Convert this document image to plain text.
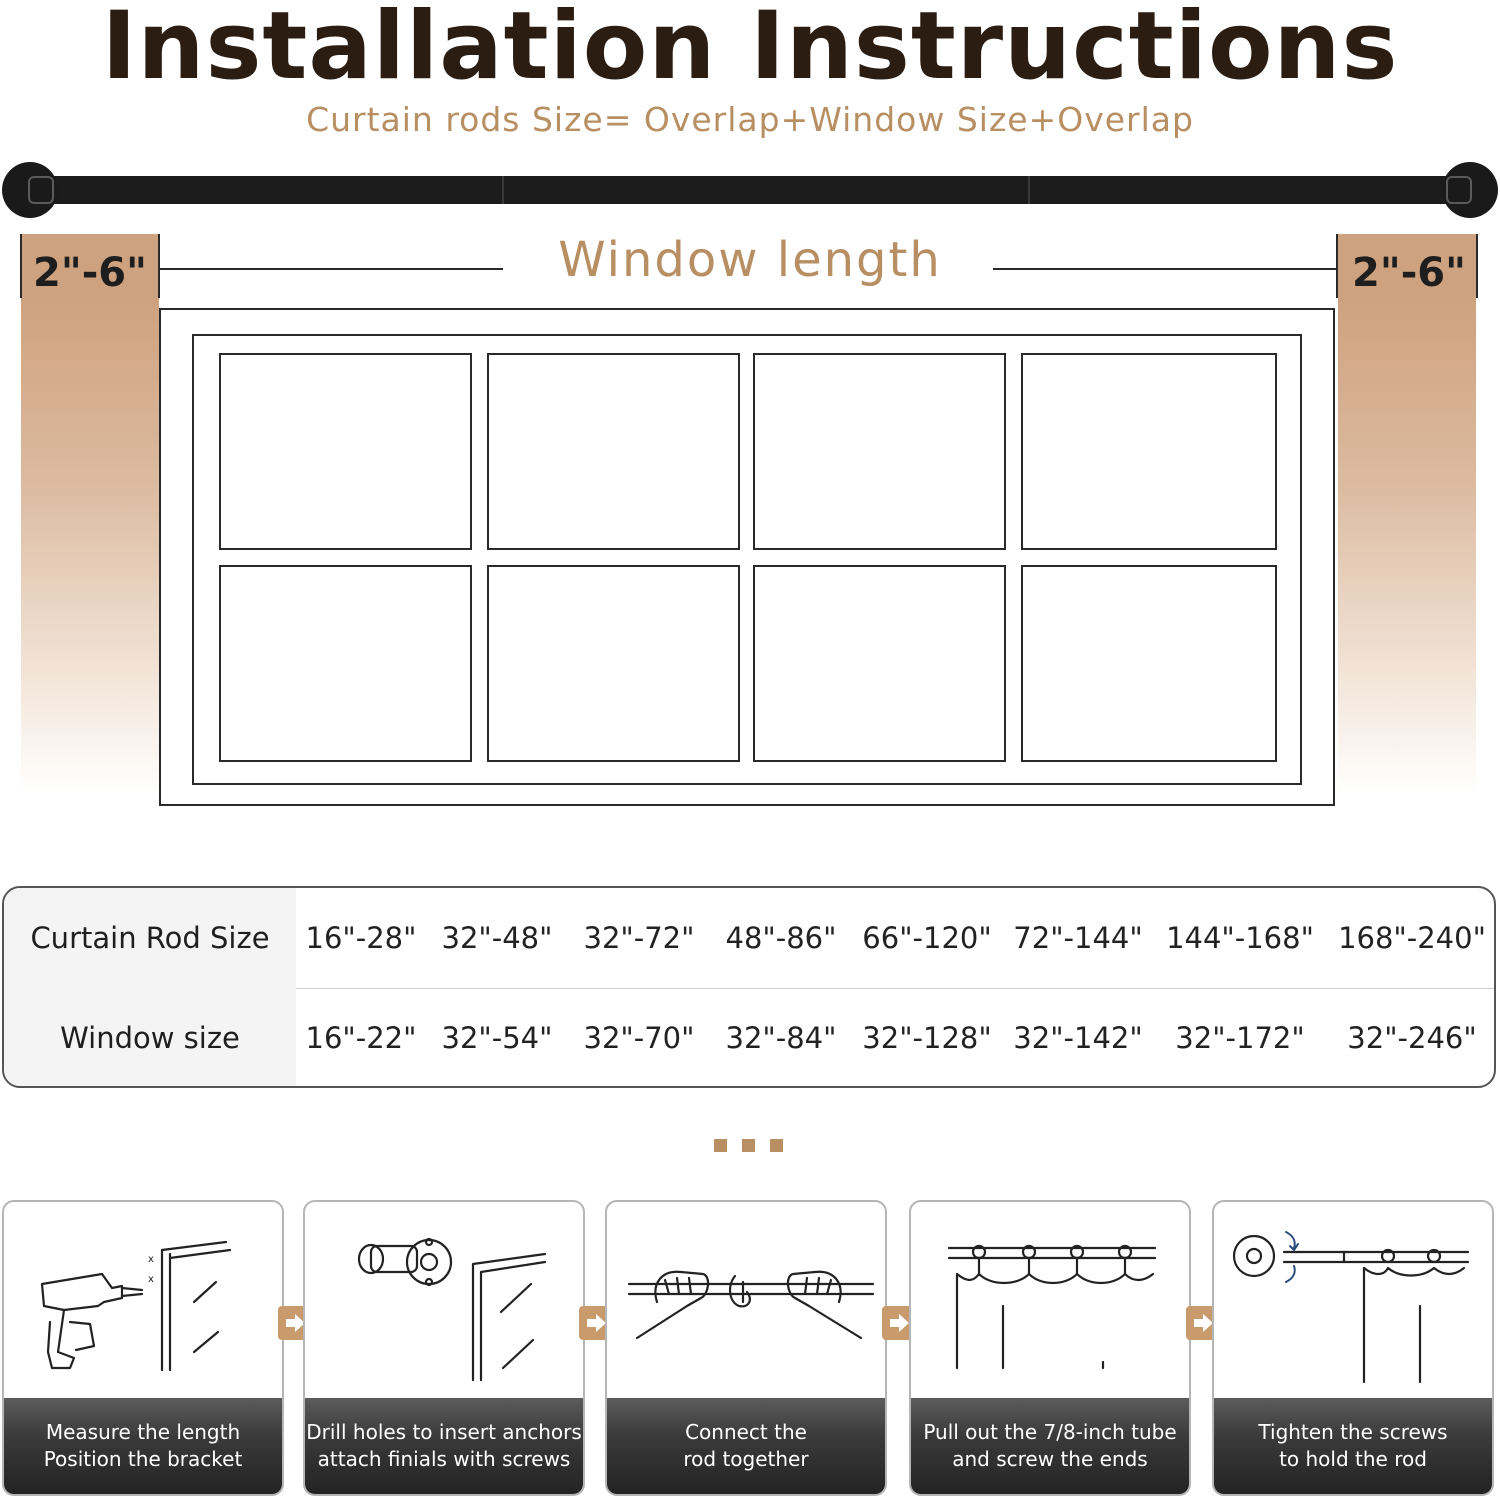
Installation Instructions
Curtain rods Size= Overlap+Window Size+Overlap
2"-6"	2"-6"
Window length
Curtain Rod Size	16"-28" 32"-48"	32"-72"	48"-86" 66"-120" 72"-144" 144"-168" 168"-240"
Window size	16"-22" 32"-54"	32"-70"	32"-84" 32"-128" 32"-142"	32"-172"	32"-246"
x
x
Measure the length
Position the bracket
Drill holes to insert anchors
attach finials with screws
Connect the
rod together
Pull out the 7/8-inch tube
and screw the ends
Tighten the screws
to hold the rod
